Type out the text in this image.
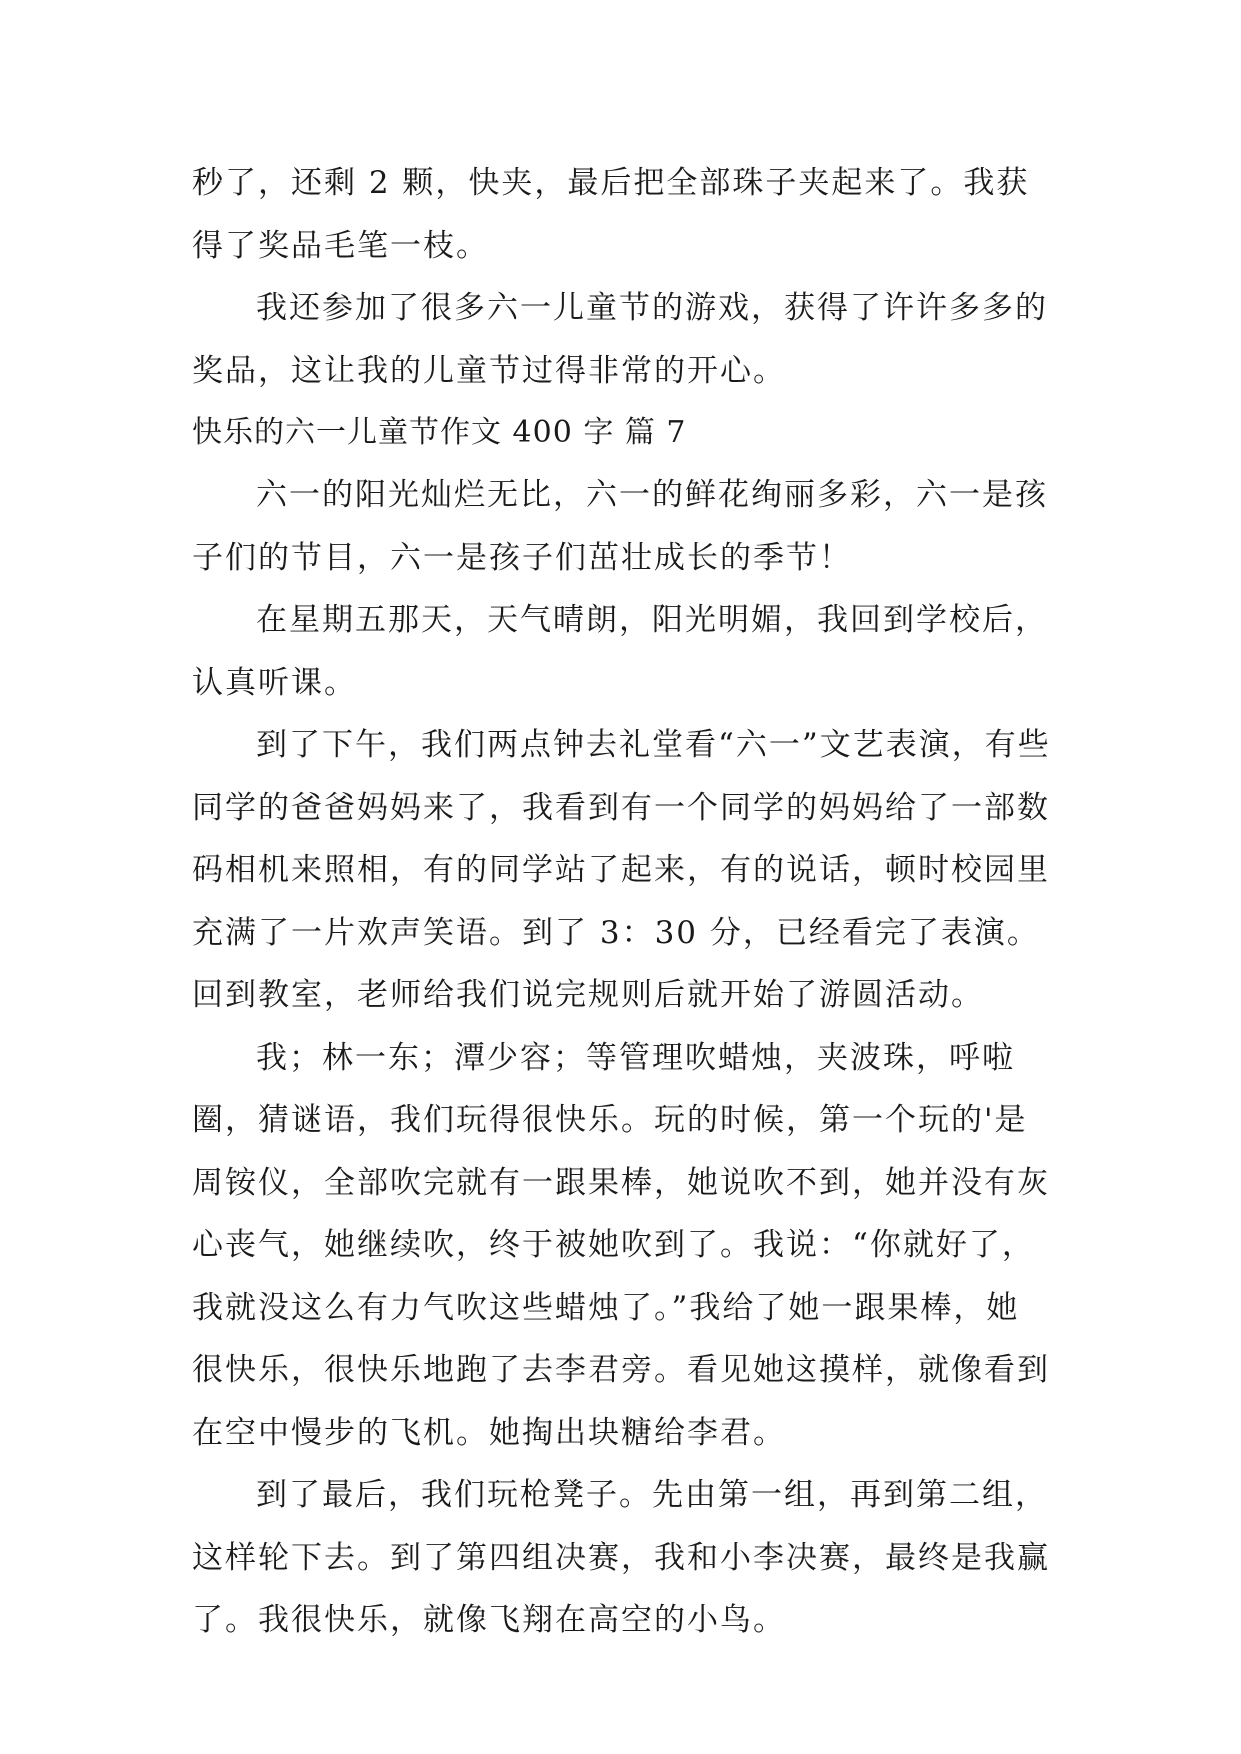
秒了，还剩 2 颗，快夹，最后把全部珠子夹起来了。我获得了奖品毛笔一枝。

我还参加了很多六一儿童节的游戏，获得了许许多多的奖品，这让我的儿童节过得非常的开心。

快乐的六一儿童节作文 400 字 篇 7

六一的阳光灿烂无比，六一的鲜花绚丽多彩，六一是孩子们的节目，六一是孩子们茁壮成长的季节！

在星期五那天，天气晴朗，阳光明媚，我回到学校后，认真听课。

到了下午，我们两点钟去礼堂看“六一”文艺表演，有些同学的爸爸妈妈来了，我看到有一个同学的妈妈给了一部数码相机来照相，有的同学站了起来，有的说话，顿时校园里充满了一片欢声笑语。到了 3：30 分，已经看完了表演。回到教室，老师给我们说完规则后就开始了游圆活动。

我；林一东；潭少容；等管理吹蜡烛，夹波珠，呼啦圈，猜谜语，我们玩得很快乐。玩的时候，第一个玩的'是周铵仪，全部吹完就有一跟果棒，她说吹不到，她并没有灰心丧气，她继续吹，终于被她吹到了。我说：“你就好了，我就没这么有力气吹这些蜡烛了。”我给了她一跟果棒，她很快乐，很快乐地跑了去李君旁。看见她这摸样，就像看到在空中慢步的飞机。她掏出块糖给李君。

到了最后，我们玩枪凳子。先由第一组，再到第二组，这样轮下去。到了第四组决赛，我和小李决赛，最终是我赢了。我很快乐，就像飞翔在高空的小鸟。
